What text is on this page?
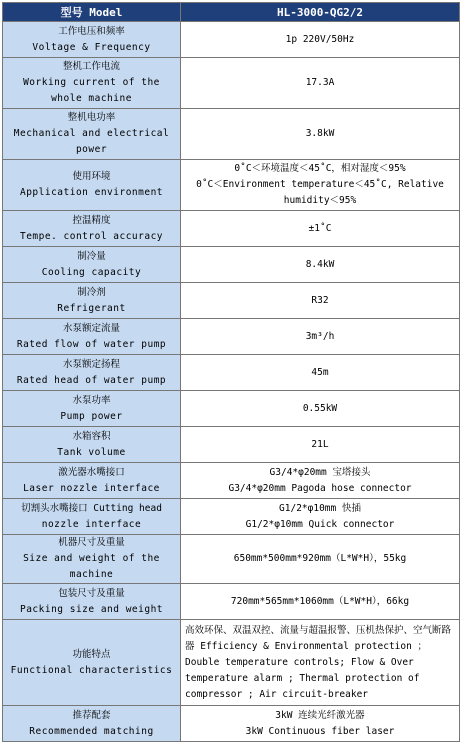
型号 Model	HL-3000-QG2/2

工作电压和频率
Voltage & Frequency	1p 220V/50Hz

整机工作电流
Working current of the whole machine	17.3A

整机电功率
Mechanical and electrical power	3.8kW

使用环境
Application environment	0˚C＜环境温度＜45˚C，相对湿度＜95%
0˚C＜Environment temperature＜45˚C, Relative humidity＜95%

控温精度
Tempe. control accuracy	±1˚C

制冷量
Cooling capacity	8.4kW

制冷剂
Refrigerant	R32

水泵额定流量
Rated flow of water pump	3m³/h

水泵额定扬程
Rated head of water pump	45m

水泵功率
Pump power	0.55kW

水箱容积
Tank volume	21L

激光器水嘴接口
Laser nozzle interface	G3/4*φ20mm 宝塔接头
G3/4*φ20mm Pagoda hose connector

切割头水嘴接口 Cutting head
nozzle interface	G1/2*φ10mm 快插
G1/2*φ10mm Quick connector

机器尺寸及重量
Size and weight of the machine	650mm*500mm*920mm（L*W*H），55kg

包装尺寸及重量
Packing size and weight	720mm*565mm*1060mm（L*W*H），66kg

功能特点
Functional characteristics	高效环保、双温双控、流量与超温报警、压机热保护、空气断路器 Efficiency & Environmental protection ； Double temperature controls; Flow & Over temperature alarm ; Thermal protection of compressor ; Air circuit-breaker

推荐配套
Recommended matching	3kW 连续光纤激光器
3kW Continuous fiber laser
